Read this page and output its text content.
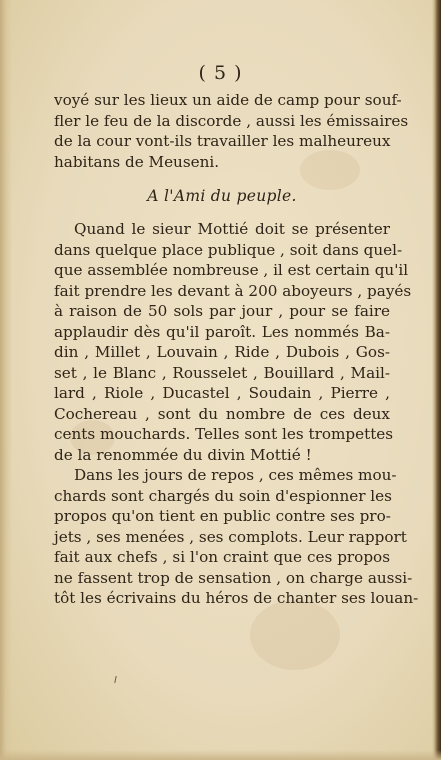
( 5 )
voyé sur les lieux un aide de camp pour souf-
fler le feu de la discorde , aussi les émissaires
de la cour vont-ils travailler les malheureux
habitans de Meuseni.
A l'Ami du peuple.
Quand le sieur Mottié doit se présenter
dans quelque place publique , soit dans quel-
que assemblée nombreuse , il est certain qu'il
fait prendre les devant à 200 aboyeurs , payés
à raison de 50 sols par jour , pour se faire
applaudir dès qu'il paroît. Les nommés Ba-
din , Millet , Louvain , Ride , Dubois , Gos-
set , le Blanc , Rousselet , Bouillard , Mail-
lard , Riole , Ducastel , Soudain , Pierre ,
Cochereau , sont du nombre de ces deux
cents mouchards. Telles sont les trompettes
de la renommée du divin Mottié !
Dans les jours de repos , ces mêmes mou-
chards sont chargés du soin d'espionner les
propos qu'on tient en public contre ses pro-
jets , ses menées , ses complots. Leur rapport
fait aux chefs , si l'on craint que ces propos
ne fassent trop de sensation , on charge aussi-
tôt les écrivains du héros de chanter ses louan-
